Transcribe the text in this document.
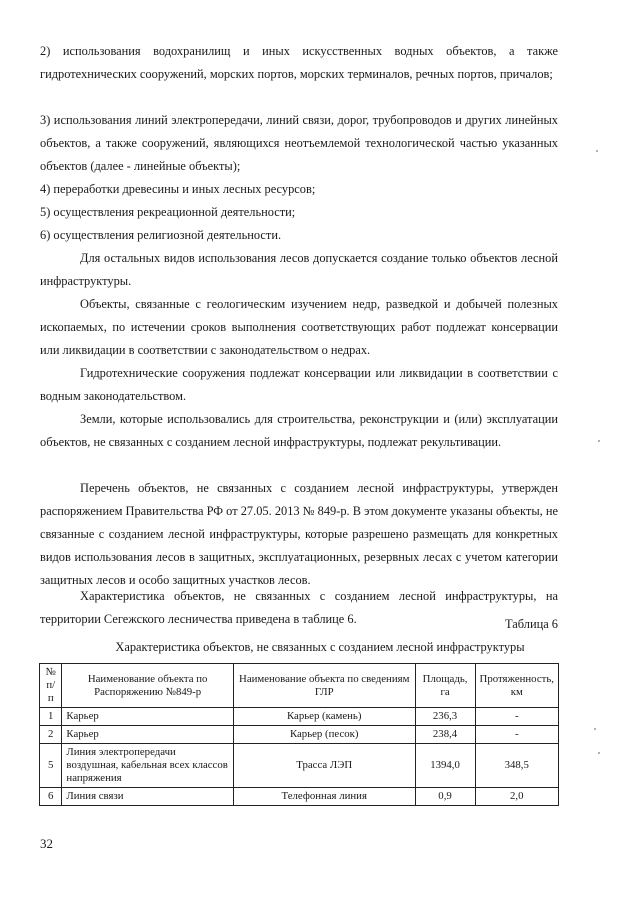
2) использования водохранилищ и иных искусственных водных объектов, а также гидротехнических сооружений, морских портов, морских терминалов, речных портов, причалов;

3) использования линий электропередачи, линий связи, дорог, трубопроводов и других линейных объектов, а также сооружений, являющихся неотъемлемой технологической частью указанных объектов (далее - линейные объекты);

4) переработки древесины и иных лесных ресурсов;

5) осуществления рекреационной деятельности;

6) осуществления религиозной деятельности.

Для остальных видов использования лесов допускается создание только объектов лесной инфраструктуры.

Объекты, связанные с геологическим изучением недр, разведкой и добычей полезных ископаемых, по истечении сроков выполнения соответствующих работ подлежат консервации или ликвидации в соответствии с законодательством о недрах.

Гидротехнические сооружения подлежат консервации или ликвидации в соответствии с водным законодательством.

Земли, которые использовались для строительства, реконструкции и (или) эксплуатации объектов, не связанных с созданием лесной инфраструктуры, подлежат рекультивации.

Перечень объектов, не связанных с созданием лесной инфраструктуры, утвержден распоряжением Правительства РФ от 27.05. 2013 № 849-р. В этом документе указаны объекты, не связанные с созданием лесной инфраструктуры, которые разрешено размещать для конкретных видов использования лесов в защитных, эксплуатационных, резервных лесах с учетом категории защитных лесов и особо защитных участков лесов.

Характеристика объектов, не связанных с созданием лесной инфраструктуры, на территории Сегежского лесничества приведена в таблице 6.	Таблица 6

Характеристика объектов, не связанных с созданием лесной инфраструктуры

№ п/п	Наименование объекта по Распоряжению №849-р	Наименование объекта по сведениям ГЛР	Площадь, га	Протяженность, км
1	Карьер	Карьер (камень)	236,3	-
2	Карьер	Карьер (песок)	238,4	-
5	Линия электропередачи воздушная, кабельная всех классов напряжения	Трасса ЛЭП	1394,0	348,5
6	Линия связи	Телефонная линия	0,9	2,0

32
